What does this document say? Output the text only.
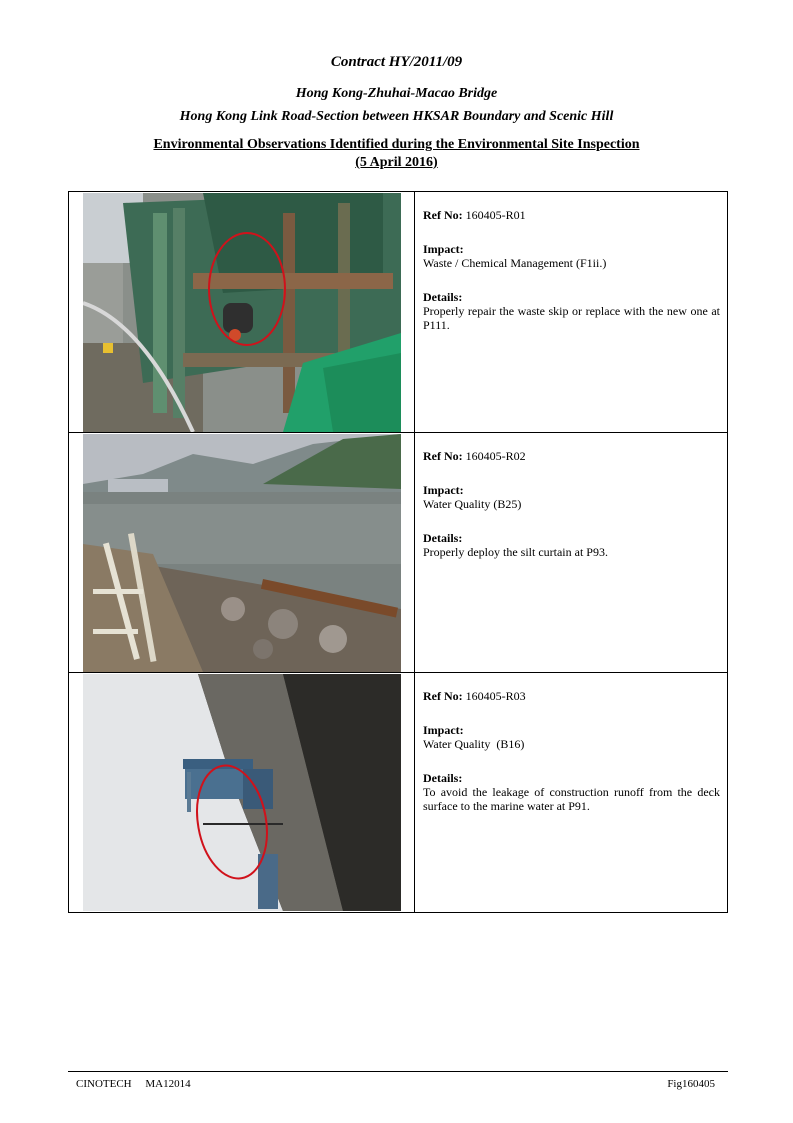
Contract HY/2011/09
Hong Kong-Zhuhai-Macao Bridge
Hong Kong Link Road-Section between HKSAR Boundary and Scenic Hill
Environmental Observations Identified during the Environmental Site Inspection
(5 April 2016)
Ref No: 160405-R01
Impact:
Waste / Chemical Management (F1ii.)
Details:
Properly repair the waste skip or replace with the new one at P111.
Ref No: 160405-R02
Impact:
Water Quality (B25)
Details:
Properly deploy the silt curtain at P93.
Ref No: 160405-R03
Impact:
Water Quality  (B16)
Details:
To avoid the leakage of construction runoff from the deck surface to the marine water at P91.
CINOTECH     MA12014	Fig160405
